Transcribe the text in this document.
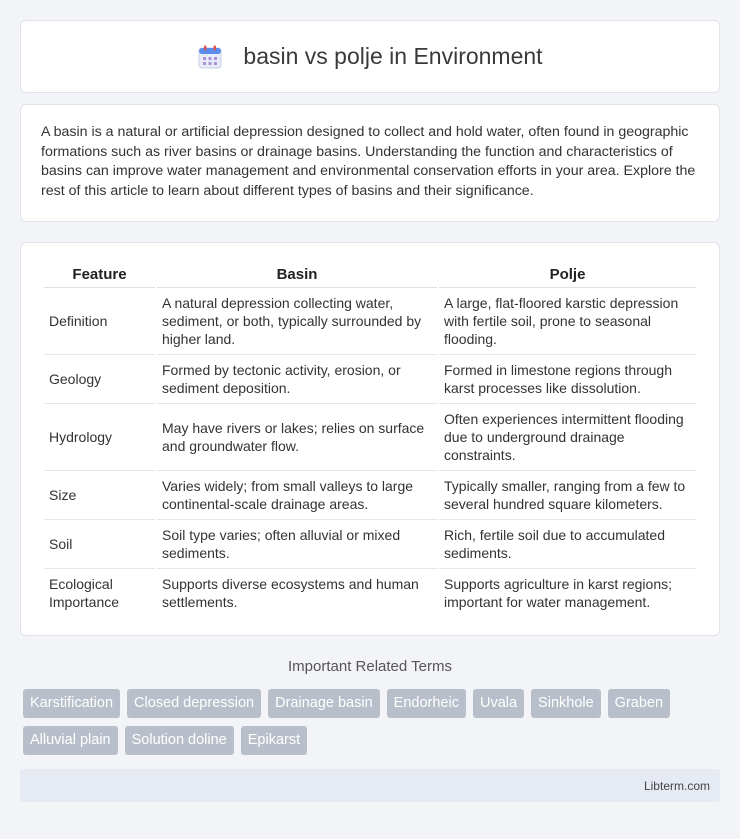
basin vs polje in Environment

A basin is a natural or artificial depression designed to collect and hold water, often found in geographic formations such as river basins or drainage basins. Understanding the function and characteristics of basins can improve water management and environmental conservation efforts in your area. Explore the rest of this article to learn about different types of basins and their significance.

Feature	Basin	Polje
Definition	A natural depression collecting water, sediment, or both, typically surrounded by higher land.	A large, flat-floored karstic depression with fertile soil, prone to seasonal flooding.
Geology	Formed by tectonic activity, erosion, or sediment deposition.	Formed in limestone regions through karst processes like dissolution.
Hydrology	May have rivers or lakes; relies on surface and groundwater flow.	Often experiences intermittent flooding due to underground drainage constraints.
Size	Varies widely; from small valleys to large continental-scale drainage areas.	Typically smaller, ranging from a few to several hundred square kilometers.
Soil	Soil type varies; often alluvial or mixed sediments.	Rich, fertile soil due to accumulated sediments.
Ecological Importance	Supports diverse ecosystems and human settlements.	Supports agriculture in karst regions; important for water management.
Important Related Terms
Karstification	Closed depression	Drainage basin	Endorheic	Uvala	Sinkhole	Graben
Alluvial plain	Solution doline	Epikarst
Libterm.com
